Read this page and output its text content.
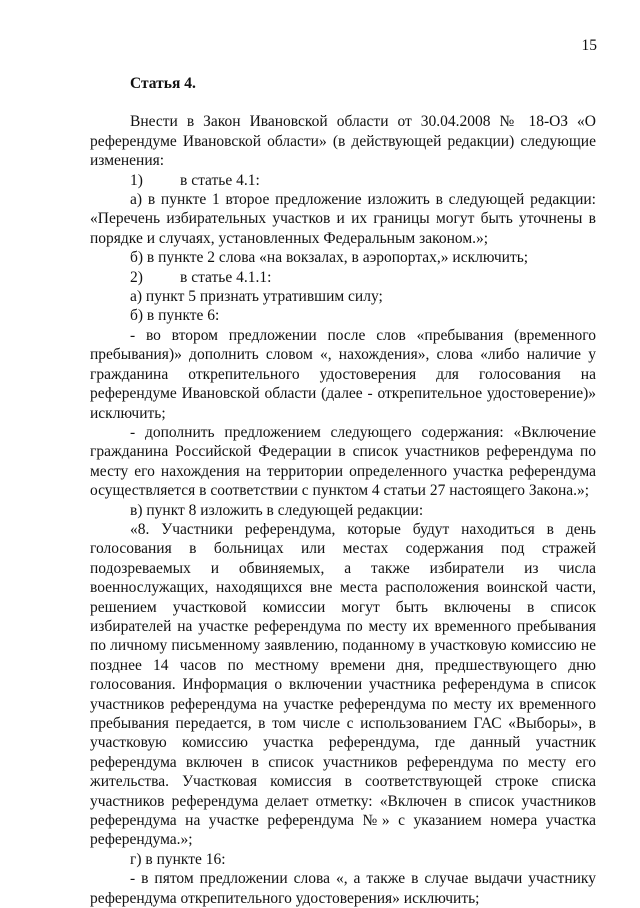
15
Статья 4.

Внести в Закон Ивановской области от 30.04.2008 № 18-ОЗ «О референдуме Ивановской области» (в действующей редакции) следующие изменения:

1) в статье 4.1:

а) в пункте 1 второе предложение изложить в следующей редакции: «Перечень избирательных участков и их границы могут быть уточнены в порядке и случаях, установленных Федеральным законом.»;

б) в пункте 2 слова «на вокзалах, в аэропортах,» исключить;

2) в статье 4.1.1:

а) пункт 5 признать утратившим силу;

б) в пункте 6:

- во втором предложении после слов «пребывания (временного пребывания)» дополнить словом «, нахождения», слова «либо наличие у гражданина открепительного удостоверения для голосования на референдуме Ивановской области (далее - открепительное удостоверение)» исключить;

- дополнить предложением следующего содержания: «Включение гражданина Российской Федерации в список участников референдума по месту его нахождения на территории определенного участка референдума осуществляется в соответствии с пунктом 4 статьи 27 настоящего Закона.»;

в) пункт 8 изложить в следующей редакции:

«8. Участники референдума, которые будут находиться в день голосования в больницах или местах содержания под стражей подозреваемых и обвиняемых, а также избиратели из числа военнослужащих, находящихся вне места расположения воинской части, решением участковой комиссии могут быть включены в список избирателей на участке референдума по месту их временного пребывания по личному письменному заявлению, поданному в участковую комиссию не позднее 14 часов по местному времени дня, предшествующего дню голосования. Информация о включении участника референдума в список участников референдума на участке референдума по месту их временного пребывания передается, в том числе с использованием ГАС «Выборы», в участковую комиссию участка референдума, где данный участник референдума включен в список участников референдума по месту его жительства. Участковая комиссия в соответствующей строке списка участников референдума делает отметку: «Включен в список участников референдума на участке референдума №» с указанием номера участка референдума.»;

г) в пункте 16:

- в пятом предложении слова «, а также в случае выдачи участнику референдума открепительного удостоверения» исключить;
